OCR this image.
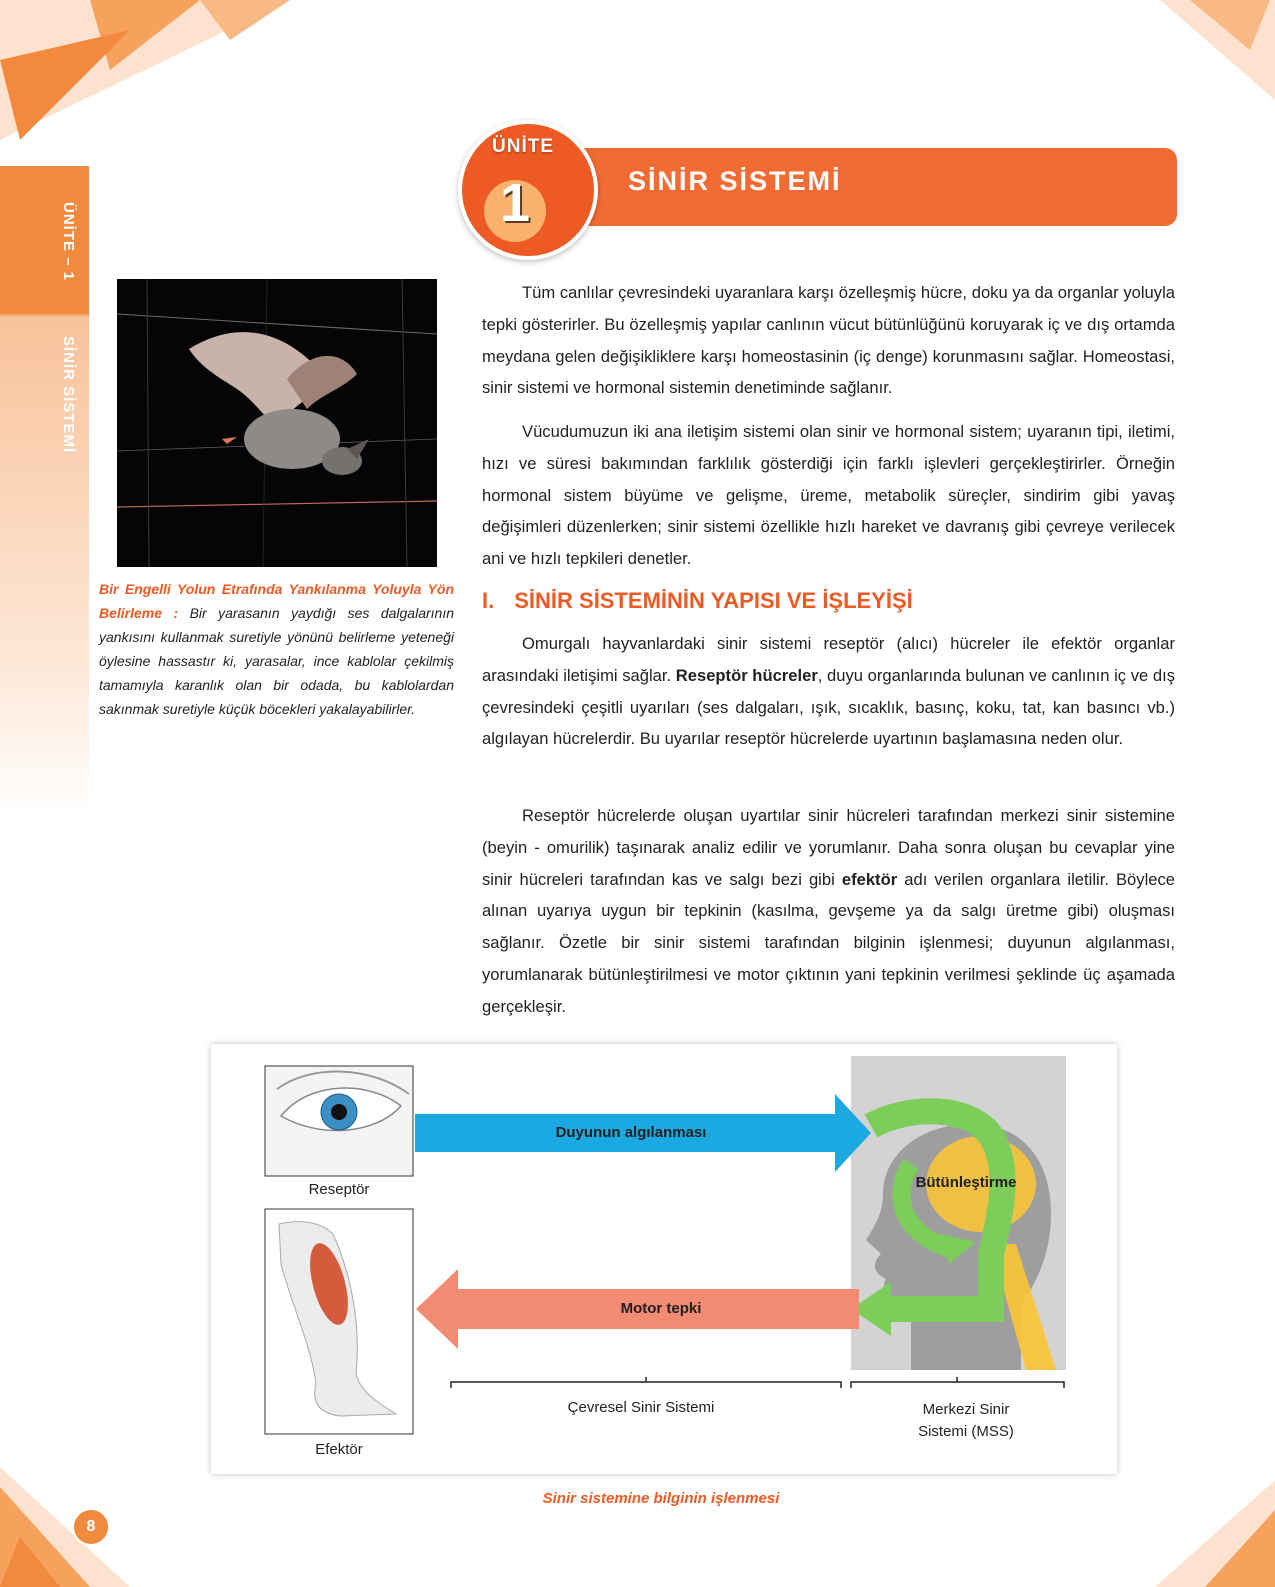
ÜNİTE – 1
SİNİR SİSTEMİ
ÜNİTE
1	SİNİR SİSTEMİ
Bir Engelli Yolun Etrafında Yankılanma Yoluyla Yön Belirleme : Bir yarasanın yaydığı ses dalgalarının yankısını kullanmak suretiyle yönünü belirleme yeteneği öylesine hassastır ki, yarasalar, ince kablolar çekilmiş tamamıyla karanlık olan bir odada, bu kablolardan sakınmak suretiyle küçük böcekleri yakalayabilirler.

Tüm canlılar çevresindeki uyaranlara karşı özelleşmiş hücre, doku ya da organlar yoluyla tepki gösterirler. Bu özelleşmiş yapılar canlının vücut bütünlüğünü koruyarak iç ve dış ortamda meydana gelen değişikliklere karşı homeostasinin (iç denge) korunmasını sağlar. Homeostasi, sinir sistemi ve hormonal sistemin denetiminde sağlanır.

Vücudumuzun iki ana iletişim sistemi olan sinir ve hormonal sistem; uyaranın tipi, iletimi, hızı ve süresi bakımından farklılık gösterdiği için farklı işlevleri gerçekleştirirler. Örneğin hormonal sistem büyüme ve gelişme, üreme, metabolik süreçler, sindirim gibi yavaş değişimleri düzenlerken; sinir sistemi özellikle hızlı hareket ve davranış gibi çevreye verilecek ani ve hızlı tepkileri denetler.

I. SİNİR SİSTEMİNİN YAPISI VE İŞLEYİŞİ

Omurgalı hayvanlardaki sinir sistemi reseptör (alıcı) hücreler ile efektör organlar arasındaki iletişimi sağlar. Reseptör hücreler, duyu organlarında bulunan ve canlının iç ve dış çevresindeki çeşitli uyarıları (ses dalgaları, ışık, sıcaklık, basınç, koku, tat, kan basıncı vb.) algılayan hücrelerdir. Bu uyarılar reseptör hücrelerde uyartının başlamasına neden olur.

Reseptör hücrelerde oluşan uyartılar sinir hücreleri tarafından merkezi sinir sistemine (beyin - omurilik) taşınarak analiz edilir ve yorumlanır. Daha sonra oluşan bu cevaplar yine sinir hücreleri tarafından kas ve salgı bezi gibi efektör adı verilen organlara iletilir. Böylece alınan uyarıya uygun bir tepkinin (kasılma, gevşeme ya da salgı üretme gibi) oluşması sağlanır. Özetle bir sinir sistemi tarafından bilginin işlenmesi; duyunun algılanması, yorumlanarak bütünleştirilmesi ve motor çıktının yani tepkinin verilmesi şeklinde üç aşamada gerçekleşir.

Reseptör
Efektör
Duyunun algılanması
Bütünleştirme
Motor tepki
Çevresel Sinir Sistemi	Merkezi Sinir
Sistemi (MSS)
Sinir sistemine bilginin işlenmesi
8
